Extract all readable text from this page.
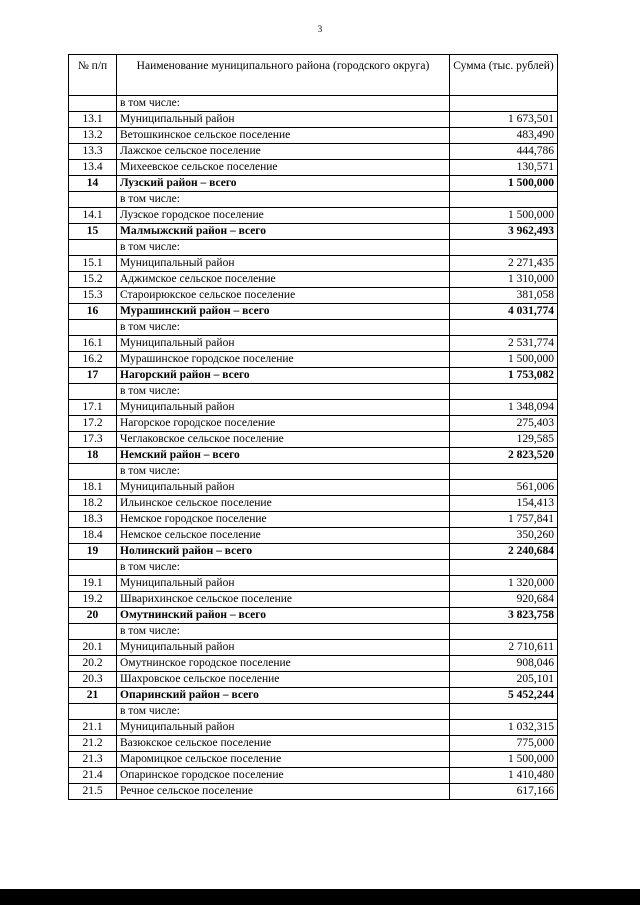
3
№ п/п	Наименование муниципального района (городского округа)	Сумма (тыс. рублей)
	в том числе:	
13.1	Муниципальный район	1 673,501
13.2	Ветошкинское сельское поселение	483,490
13.3	Лажское сельское поселение	444,786
13.4	Михеевское сельское поселение	130,571
14	Лузский район – всего	1 500,000
	в том числе:	
14.1	Лузское городское поселение	1 500,000
15	Малмыжский район – всего	3 962,493
	в том числе:	
15.1	Муниципальный район	2 271,435
15.2	Аджимское сельское поселение	1 310,000
15.3	Староирюкское сельское поселение	381,058
16	Мурашинский район – всего	4 031,774
	в том числе:	
16.1	Муниципальный район	2 531,774
16.2	Мурашинское городское поселение	1 500,000
17	Нагорский район – всего	1 753,082
	в том числе:	
17.1	Муниципальный район	1 348,094
17.2	Нагорское городское поселение	275,403
17.3	Чеглаковское сельское поселение	129,585
18	Немский район – всего	2 823,520
	в том числе:	
18.1	Муниципальный район	561,006
18.2	Ильинское сельское поселение	154,413
18.3	Немское городское поселение	1 757,841
18.4	Немское сельское поселение	350,260
19	Нолинский район – всего	2 240,684
	в том числе:	
19.1	Муниципальный район	1 320,000
19.2	Швариxинское сельское поселение	920,684
20	Омутнинский район – всего	3 823,758
	в том числе:	
20.1	Муниципальный район	2 710,611
20.2	Омутнинское городское поселение	908,046
20.3	Шахровское сельское поселение	205,101
21	Опаринский район – всего	5 452,244
	в том числе:	
21.1	Муниципальный район	1 032,315
21.2	Вазюкское сельское поселение	775,000
21.3	Маромицкое сельское поселение	1 500,000
21.4	Опаринское городское поселение	1 410,480
21.5	Речное сельское поселение	617,166
